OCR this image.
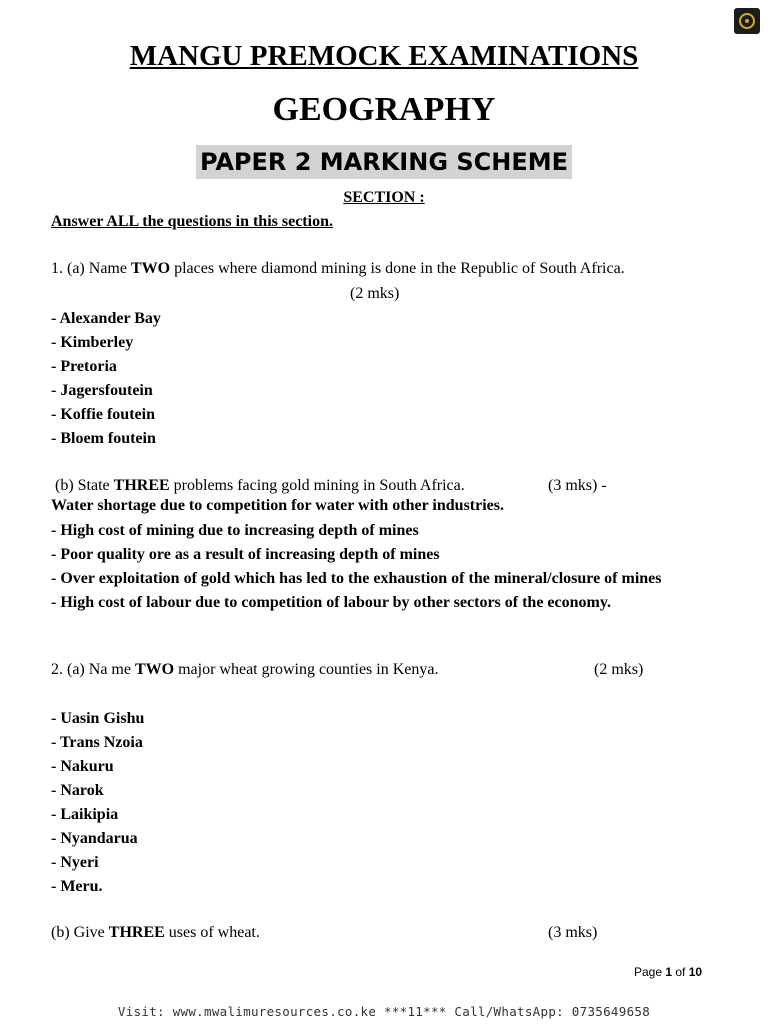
MANGU PREMOCK EXAMINATIONS
GEOGRAPHY
PAPER 2 MARKING SCHEME
SECTION :
Answer ALL the questions in this section.
1. (a) Name TWO places where diamond mining is done in the Republic of South Africa.
(2 mks)
- Alexander Bay
- Kimberley
- Pretoria
- Jagersfoutein
- Koffie foutein
- Bloem foutein
(b) State THREE problems facing gold mining in South Africa.	(3 mks) -
Water shortage due to competition for water with other industries.
- High cost of mining due to increasing depth of mines
- Poor quality ore as a result of increasing depth of mines
- Over exploitation of gold which has led to the exhaustion of the mineral/closure of mines
- High cost of labour due to competition of labour by other sectors of the economy.
2. (a) Na me TWO major wheat growing counties in Kenya.	(2 mks)
- Uasin Gishu
- Trans Nzoia
- Nakuru
- Narok
- Laikipia
- Nyandarua
- Nyeri
- Meru.
(b) Give THREE uses of wheat.	(3 mks)
Page 1 of 10
Visit: www.mwalimuresources.co.ke ***11*** Call/WhatsApp: 0735649658
